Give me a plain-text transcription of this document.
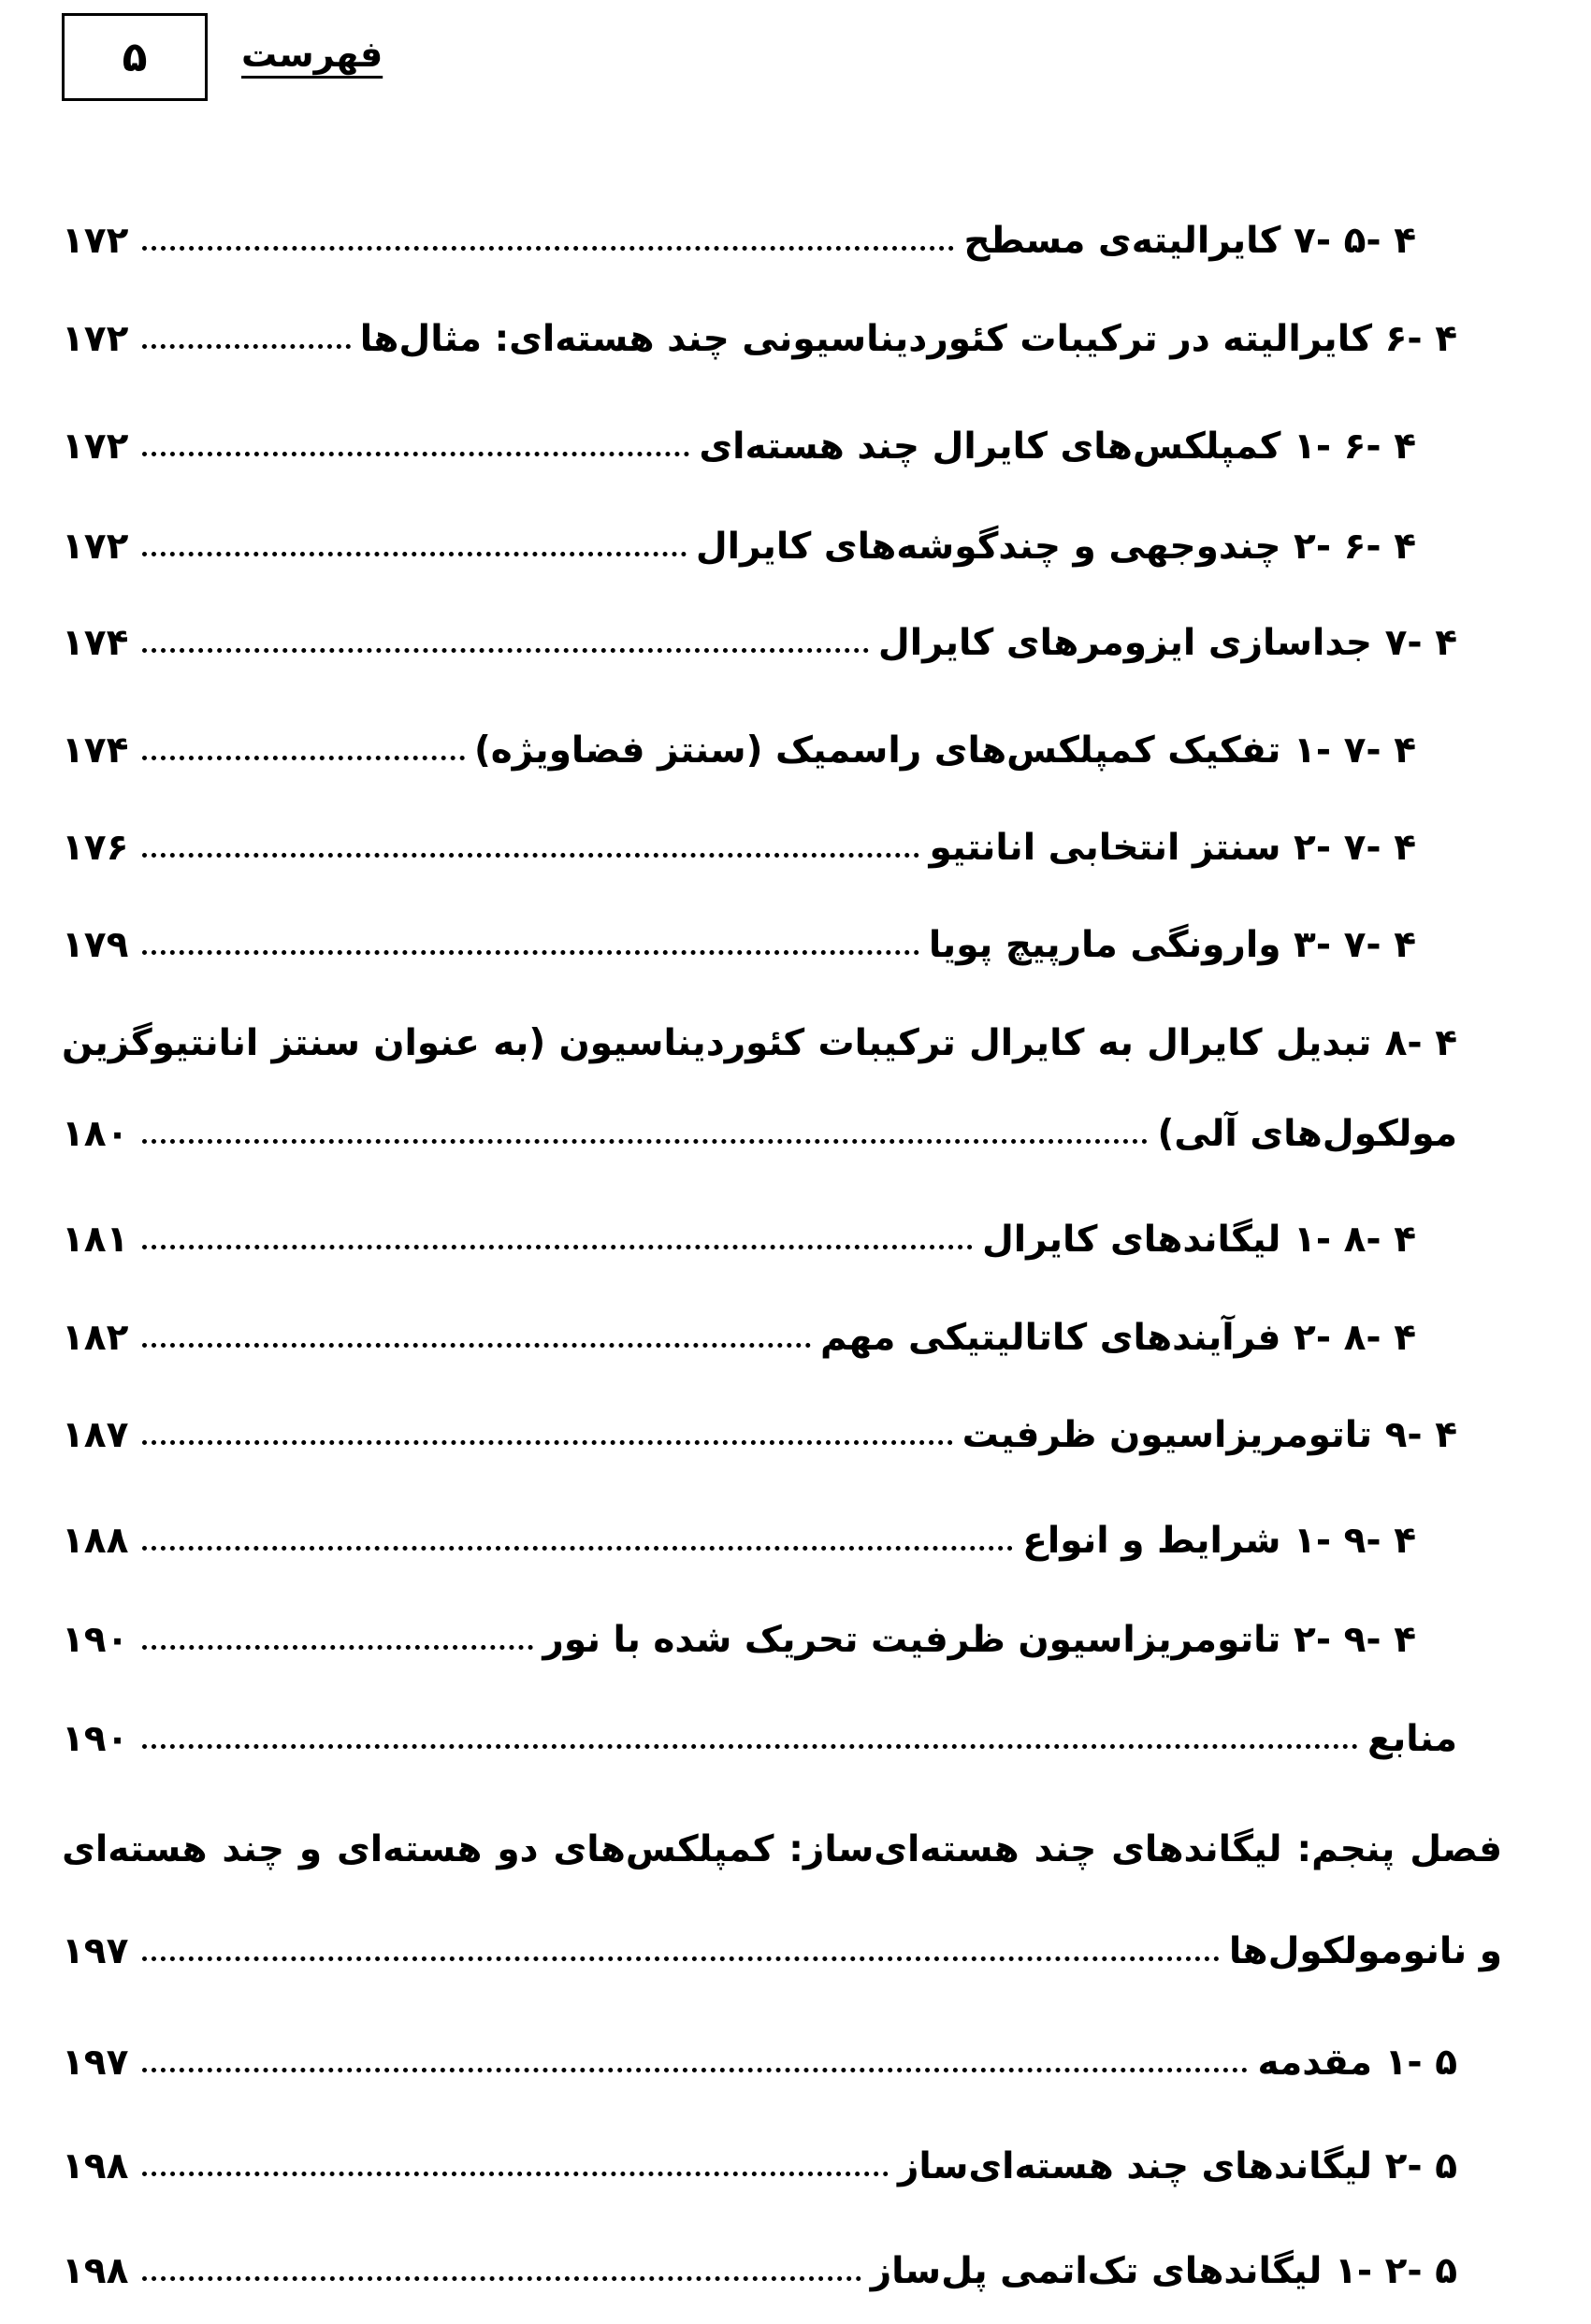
۵	فهرست
۴ -۵ -۷ کایرالیته‌ی مسطح
۱۷۲
۴ -۶ کایرالیته در ترکیبات کئوردیناسیونی چند هسته‌ای: مثال‌ها
۱۷۲
۴ -۶ -۱ کمپلکس‌های کایرال چند هسته‌ای
۱۷۲
۴ -۶ -۲ چندوجهی و چندگوشه‌های کایرال
۱۷۲
۴ -۷ جداسازی ایزومرهای کایرال
۱۷۴
۴ -۷ -۱ تفکیک کمپلکس‌های راسمیک (سنتز فضاویژه)
۱۷۴
۴ -۷ -۲ سنتز انتخابی انانتیو
۱۷۶
۴ -۷ -۳ وارونگی مارپیچ پویا
۱۷۹
۴ -۸
تبدیل
کایرال
به
کایرال
ترکیبات
کئوردیناسیون
(به
عنوان
سنتز
انانتیوگزین
مولکول‌های آلی)
۱۸۰
۴ -۸ -۱ لیگاندهای کایرال
۱۸۱
۴ -۸ -۲ فرآیندهای کاتالیتیکی مهم
۱۸۲
۴ -۹ تاتومریزاسیون ظرفیت
۱۸۷
۴ -۹ -۱ شرایط و انواع
۱۸۸
۴ -۹ -۲ تاتومریزاسیون ظرفیت تحریک شده با نور
۱۹۰
منابع
۱۹۰
فصل
پنجم:
لیگاندهای
چند
هسته‌ای‌ساز:
کمپلکس‌های
دو
هسته‌ای
و
چند
هسته‌ای
و نانومولکول‌ها
۱۹۷
۵ -۱ مقدمه
۱۹۷
۵ -۲ لیگاندهای چند هسته‌ای‌ساز
۱۹۸
۵ -۲ -۱ لیگاندهای تک‌اتمی پل‌ساز
۱۹۸
